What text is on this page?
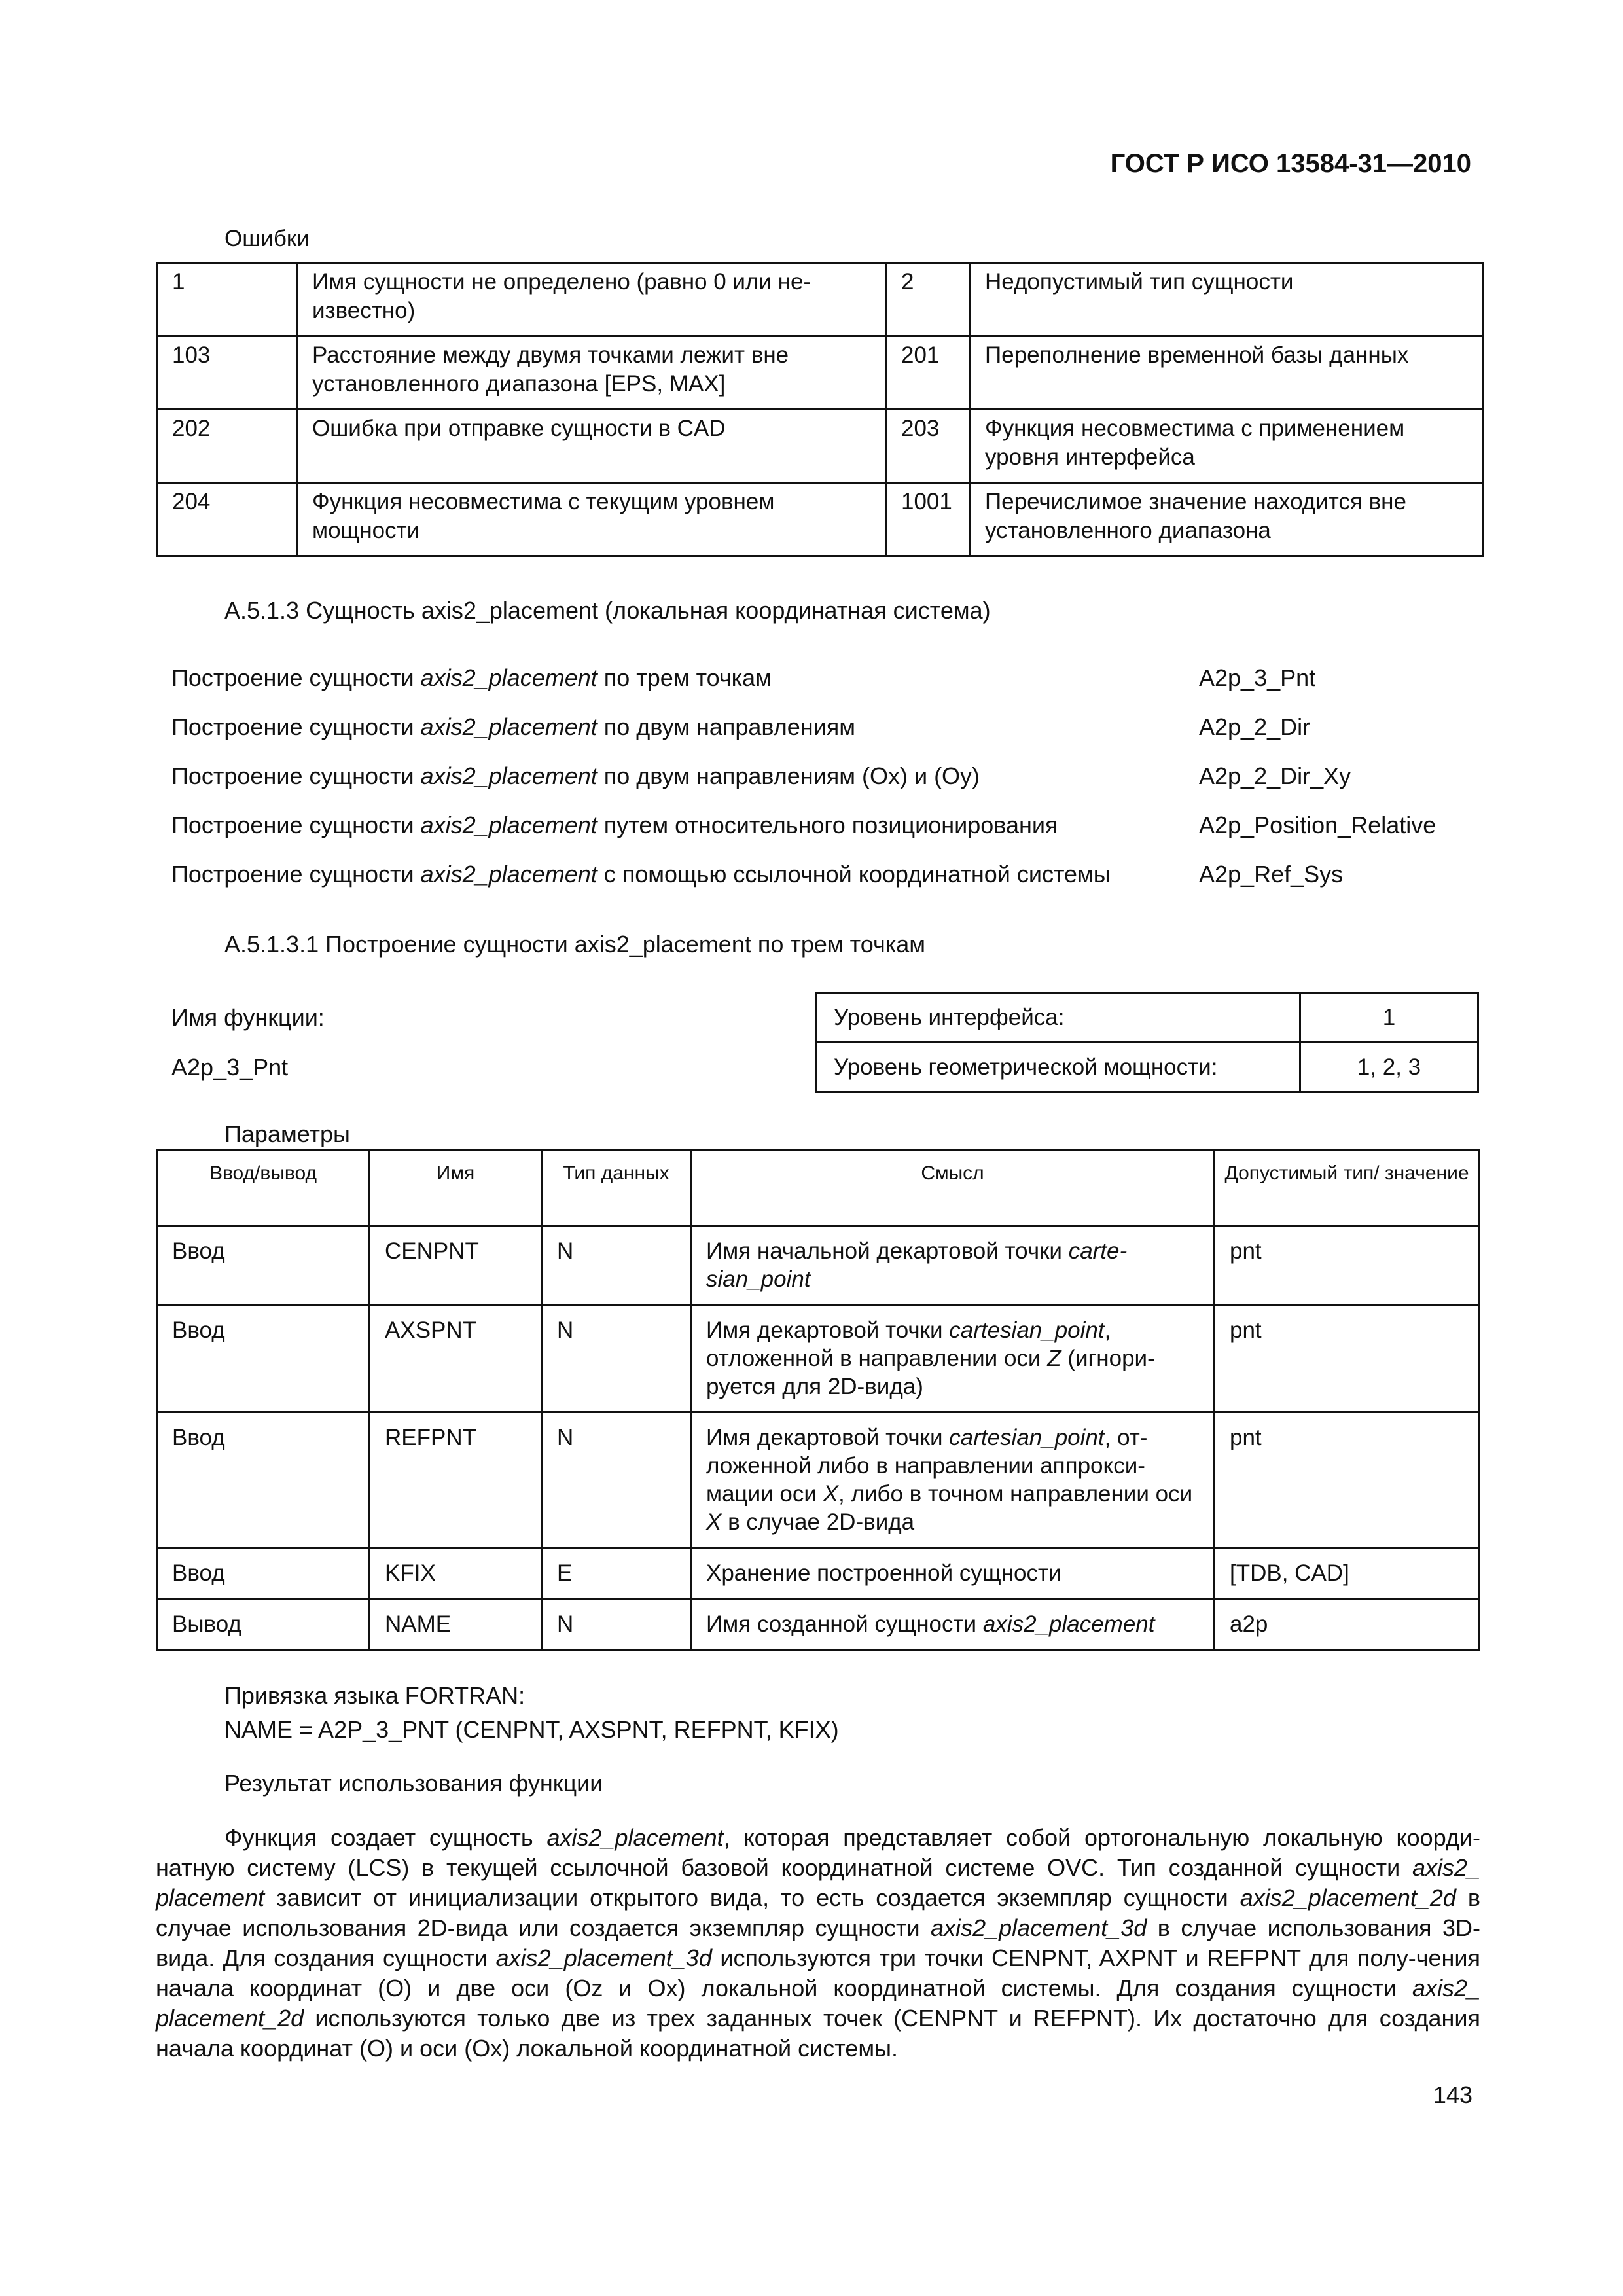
ГОСТ Р ИСО 13584-31—2010
Ошибки
1	Имя сущности не определено (равно 0 или не-известно)	2	Недопустимый тип сущности
103	Расстояние между двумя точками лежит вне установленного диапазона [EPS, MAX]	201	Переполнение временной базы данных
202	Ошибка при отправке сущности в CAD	203	Функция несовместима с применением уровня интерфейса
204	Функция несовместима с текущим уровнем мощности	1001	Перечислимое значение находится вне установленного диапазона
A.5.1.3 Сущность axis2_placement (локальная координатная система)
Построение сущности axis2_placement по трем точкам	A2p_3_Pnt
Построение сущности axis2_placement по двум направлениям	A2p_2_Dir
Построение сущности axis2_placement по двум направлениям (Ox) и (Oy)	A2p_2_Dir_Xy
Построение сущности axis2_placement путем относительного позиционирования	A2p_Position_Relative
Построение сущности axis2_placement с помощью ссылочной координатной системы	A2p_Ref_Sys
A.5.1.3.1 Построение сущности axis2_placement по трем точкам
Имя функции:
A2p_3_Pnt
Уровень интерфейса:	1
Уровень геометрической мощности:	1, 2, 3
Параметры
Ввод/вывод	Имя	Тип данных	Смысл	Допустимый тип/ значение
Ввод	CENPNT	N	Имя начальной декартовой точки carte-sian_point	pnt
Ввод	AXSPNT	N	Имя декартовой точки cartesian_point, отложенной в направлении оси Z (игнори-руется для 2D-вида)	pnt
Ввод	REFPNT	N	Имя декартовой точки cartesian_point, от-ложенной либо в направлении аппрокси-мации оси X, либо в точном направлении оси X в случае 2D-вида	pnt
Ввод	KFIX	E	Хранение построенной сущности	[TDB, CAD]
Вывод	NAME	N	Имя созданной сущности axis2_placement	a2p
Привязка языка FORTRAN:
NAME = A2P_3_PNT (CENPNT, AXSPNT, REFPNT, KFIX)
Результат использования функции
Функция создает сущность axis2_placement, которая представляет собой ортогональную локальную коорди-натную систему (LCS) в текущей ссылочной базовой координатной системе OVC. Тип созданной сущности axis2_ placement зависит от инициализации открытого вида, то есть создается экземпляр сущности axis2_placement_2d в случае использования 2D-вида или создается экземпляр сущности axis2_placement_3d в случае использования 3D-вида. Для создания сущности axis2_placement_3d используются три точки CENPNT, AXPNT и REFPNT для полу-чения начала координат (O) и две оси (Oz и Ox) локальной координатной системы. Для создания сущности axis2_ placement_2d используются только две из трех заданных точек (CENPNT и REFPNT). Их достаточно для создания начала координат (O) и оси (Ox) локальной координатной системы.
143
